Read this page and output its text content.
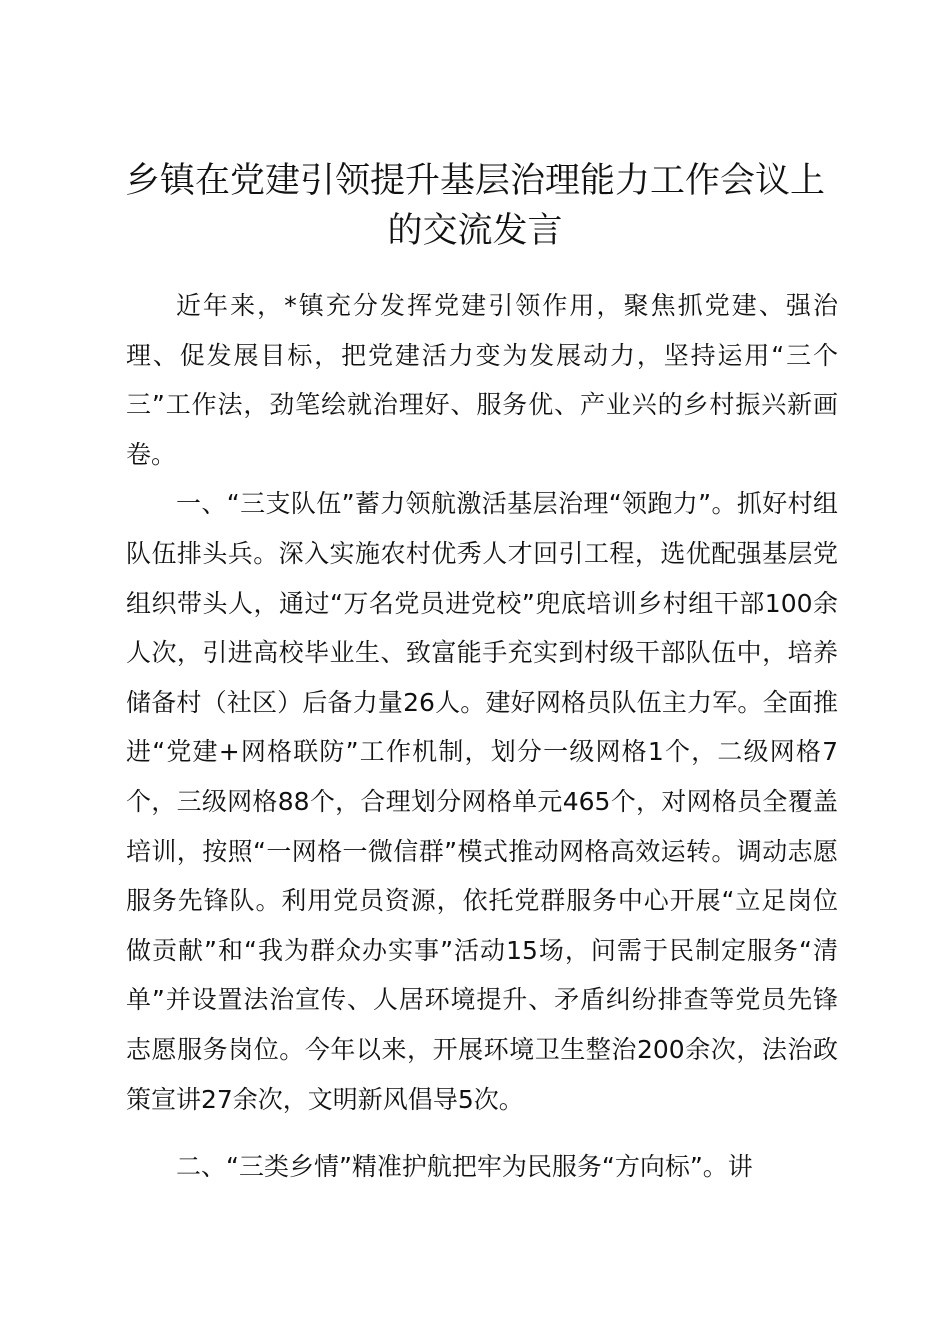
乡镇在党建引领提升基层治理能力工作会议上
的交流发言

近年来，*镇充分发挥党建引领作用，聚焦抓党建、强治理、促发展目标，把党建活力变为发展动力，坚持运用“三个三”工作法，劲笔绘就治理好、服务优、产业兴的乡村振兴新画卷。

一、“三支队伍”蓄力领航激活基层治理“领跑力”。抓好村组队伍排头兵。深入实施农村优秀人才回引工程，选优配强基层党组织带头人，通过“万名党员进党校”兜底培训乡村组干部100余人次，引进高校毕业生、致富能手充实到村级干部队伍中，培养储备村（社区）后备力量26人。建好网格员队伍主力军。全面推进“党建+网格联防”工作机制，划分一级网格1个，二级网格7个，三级网格88个，合理划分网格单元465个，对网格员全覆盖培训，按照“一网格一微信群”模式推动网格高效运转。调动志愿服务先锋队。利用党员资源，依托党群服务中心开展“立足岗位做贡献”和“我为群众办实事”活动15场，问需于民制定服务“清单”并设置法治宣传、人居环境提升、矛盾纠纷排查等党员先锋志愿服务岗位。今年以来，开展环境卫生整治200余次，法治政策宣讲27余次，文明新风倡导5次。

二、“三类乡情”精准护航把牢为民服务“方向标”。讲
